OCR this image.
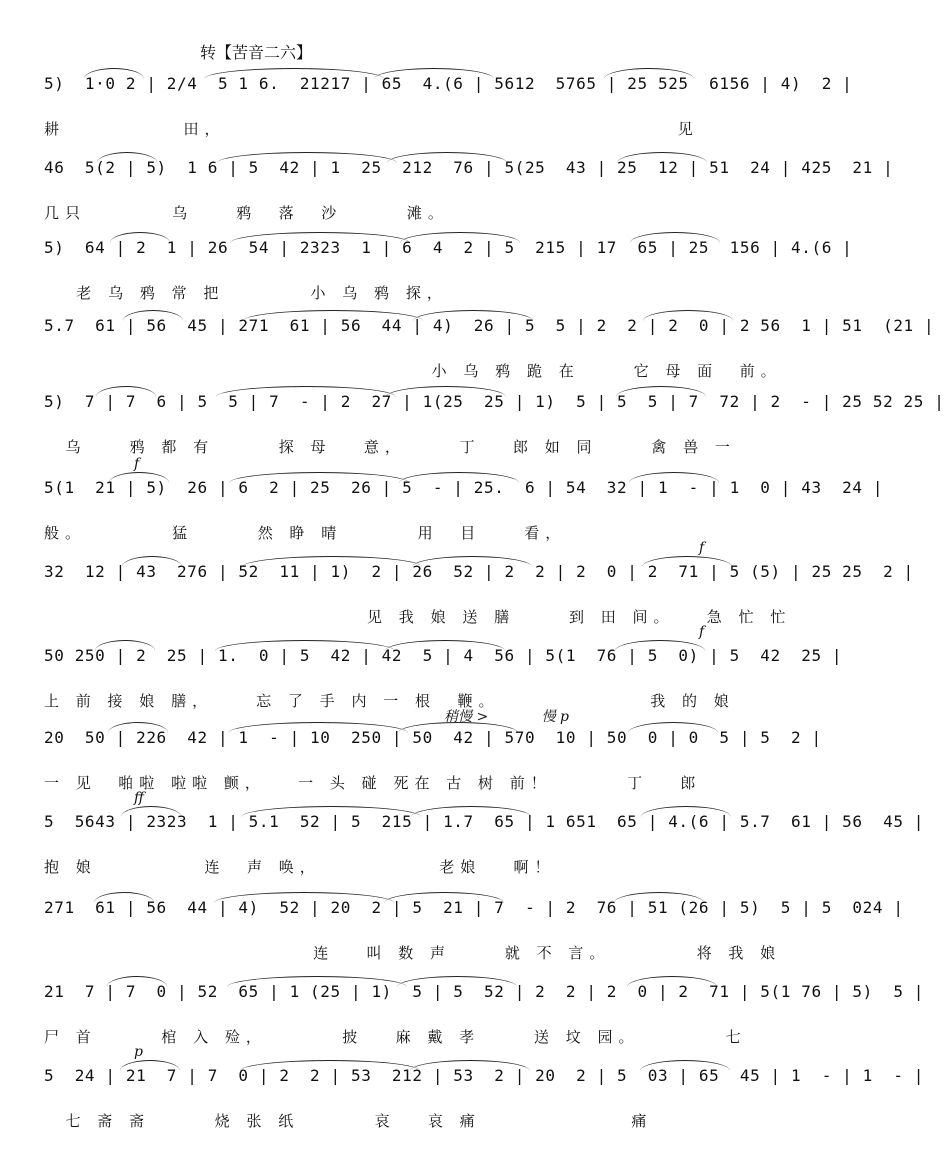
转【苦音二六】
5)  1·0 2 | 2/4  5 1 6.  21217 | 65  4.(6 | 5612  5765 | 25 525  6156 | 4)  2 |
耕           田，                                          见
46  5(2 | 5)  1 6 | 5  42 | 1  25  212  76 | 5(25  43 | 25  12 | 51  24 | 425  21 |
几只        乌    鸦  落  沙      滩。
5)  64 | 2  1 | 26  54 | 2323  1 | 6  4  2 | 5  215 | 17  65 | 25  156 | 4.(6 |
老 乌 鸦 常 把        小 乌 鸦 探，
5.7  61 | 56  45 | 271  61 | 56  44 | 4)  26 | 5  5 | 2  2 | 2  0 | 2 56  1 | 51  (21 |
小 乌 鸦 跪 在     它 母 面  前。
5)  7 | 7  6 | 5  5 | 7  - | 2  27 | 1(25  25 | 1)  5 | 5  5 | 7  72 | 2  - | 25 52 25 |
乌    鸦 都 有      探 母   意，     丁   郎 如 同     禽 兽 一
5(1  21 | 5)  26 | 6  2 | 25  26 | 5  - | 25.  6 | 54  32 | 1  - | 1  0 | 43  24 |
般。        猛      然 睁 晴       用  目    看，
f
32  12 | 43  276 | 52  11 | 1)  2 | 26  52 | 2  2 | 2  0 | 2  71 | 5 (5) | 25 25  2 |
见 我 娘 送 膳     到 田 间。   急 忙 忙
f
50 250 | 2  25 | 1.  0 | 5  42 | 42  5 | 4  56 | 5(1  76 | 5  0) | 5  42  25 |
上 前 接 娘 膳，    忘 了 手 内 一 根  鞭。              我 的 娘
f
20  50 | 226  42 | 1  - | 10  250 | 50  42 | 570  10 | 50  0 | 0  5 | 5  2 |
一 见  啪啦 啦啦 颤，   一 头 碰 死在 古 树 前！       丁   郎
稍慢 >            慢 p
5  5643 | 2323  1 | 5.1  52 | 5  215 | 1.7  65 | 1 651  65 | 4.(6 | 5.7  61 | 56  45 |
抱 娘          连  声 唤，           老娘   啊！
ff
271  61 | 56  44 | 4)  52 | 20  2 | 5  21 | 7  - | 2  76 | 51 (26 | 5)  5 | 5  024 |
连   叫 数 声     就 不 言。        将 我 娘
21  7 | 7  0 | 52  65 | 1 (25 | 1)  5 | 5  52 | 2  2 | 2  0 | 2  71 | 5(1 76 | 5)  5 |
尸 首      棺 入 殓，       披   麻 戴 孝     送 坟 园。        七
5  24 | 21  7 | 7  0 | 2  2 | 53  212 | 53  2 | 20  2 | 5  03 | 65  45 | 1  - | 1  - |
七 斋 斋      烧 张 纸       哀   哀 痛              痛
p
